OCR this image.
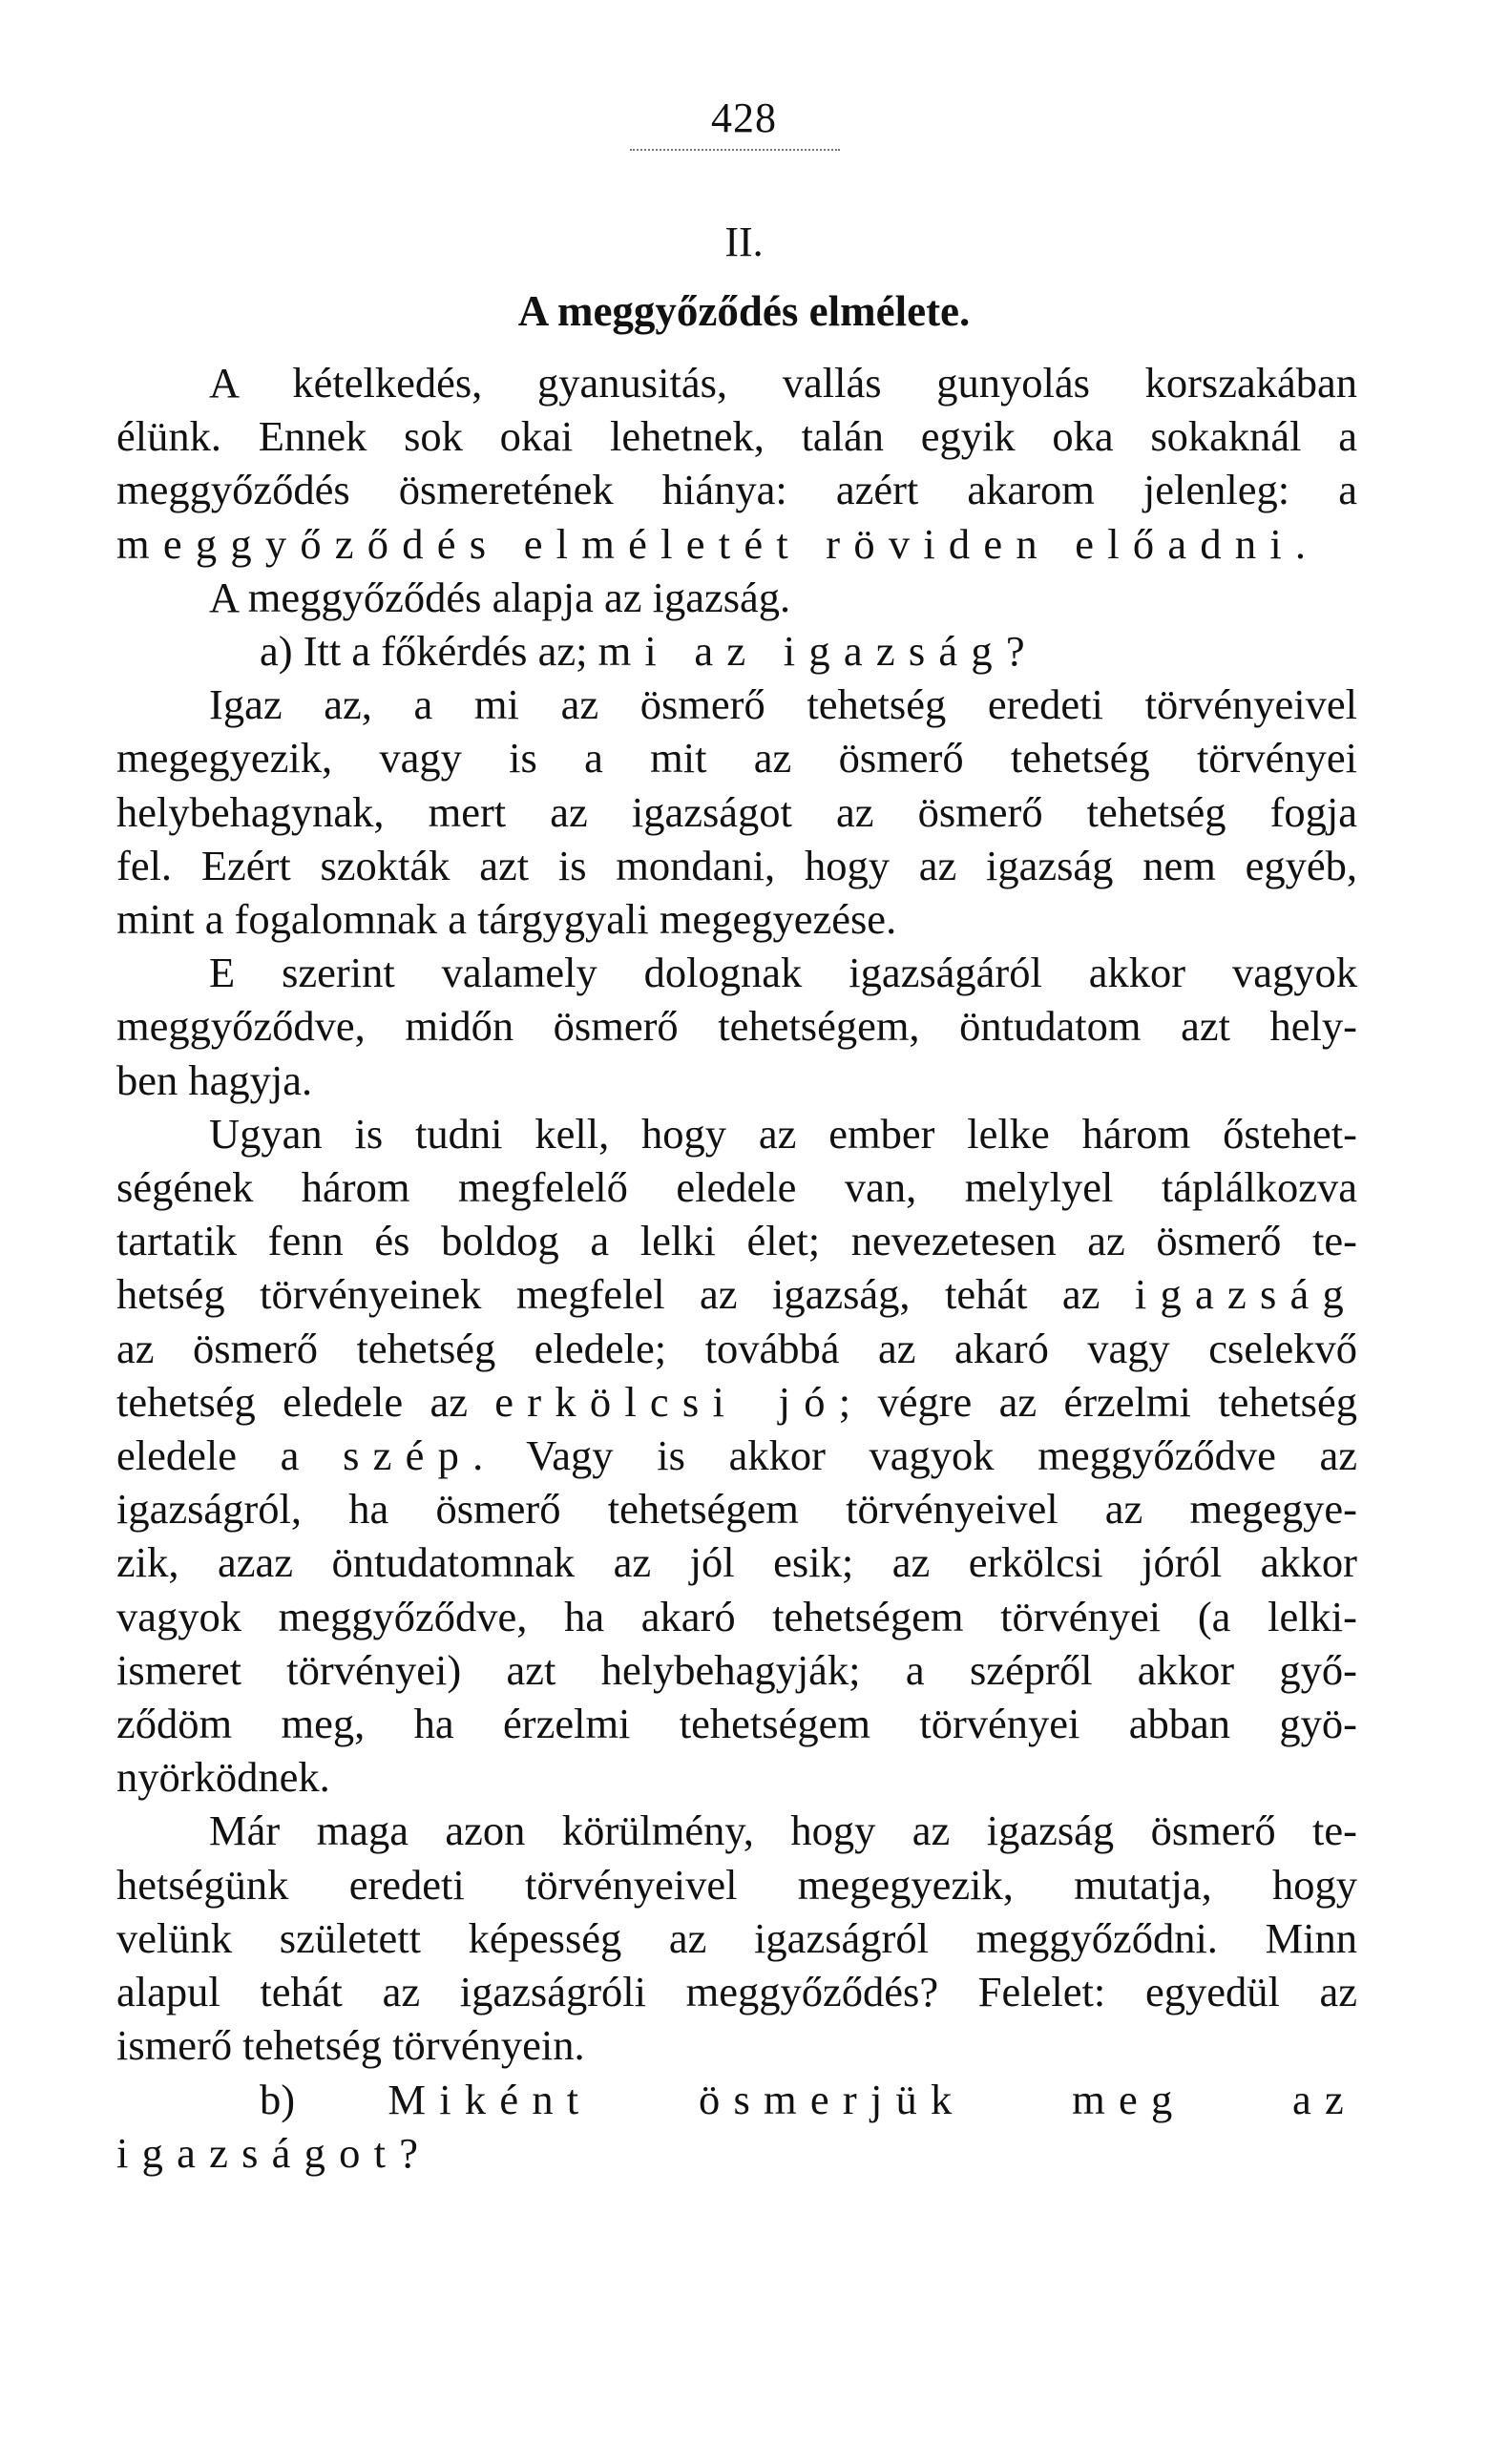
428
II.
A meggyőződés elmélete.

A kételkedés, gyanusitás, vallás gunyolás korszakában

élünk. Ennek sok okai lehetnek, talán egyik oka sokaknál a

meggyőződés ösmeretének hiánya: azért akarom jelenleg: a

meggyőződés elméletét röviden előadni.

A meggyőződés alapja az igazság.

a) Itt a főkérdés az; mi az igazság?

Igaz az, a mi az ösmerő tehetség eredeti törvényeivel

megegyezik, vagy is a mit az ösmerő tehetség törvényei

helybehagynak, mert az igazságot az ösmerő tehetség fogja

fel. Ezért szokták azt is mondani, hogy az igazság nem egyéb,

mint a fogalomnak a tárgygyali megegyezése.

E szerint valamely dolognak igazságáról akkor vagyok

meggyőződve, midőn ösmerő tehetségem, öntudatom azt hely-

ben hagyja.

Ugyan is tudni kell, hogy az ember lelke három őstehet-

ségének három megfelelő eledele van, melylyel táplálkozva

tartatik fenn és boldog a lelki élet; nevezetesen az ösmerő te-

hetség törvényeinek megfelel az igazság, tehát az igazság

az ösmerő tehetség eledele; továbbá az akaró vagy cselekvő

tehetség eledele az erkölcsi jó; végre az érzelmi tehetség

eledele a szép. Vagy is akkor vagyok meggyőződve az

igazságról, ha ösmerő tehetségem törvényeivel az megegye-

zik, azaz öntudatomnak az jól esik; az erkölcsi jóról akkor

vagyok meggyőződve, ha akaró tehetségem törvényei (a lelki-

ismeret törvényei) azt helybehagyják; a szépről akkor győ-

ződöm meg, ha érzelmi tehetségem törvényei abban gyö-

nyörködnek.

Már maga azon körülmény, hogy az igazság ösmerő te-

hetségünk eredeti törvényeivel megegyezik, mutatja, hogy

velünk született képesség az igazságról meggyőződni. Minn

alapul tehát az igazságróli meggyőződés? Felelet: egyedül az

ismerő tehetség törvényein.

b) Miként ösmerjük meg az igazságot?
